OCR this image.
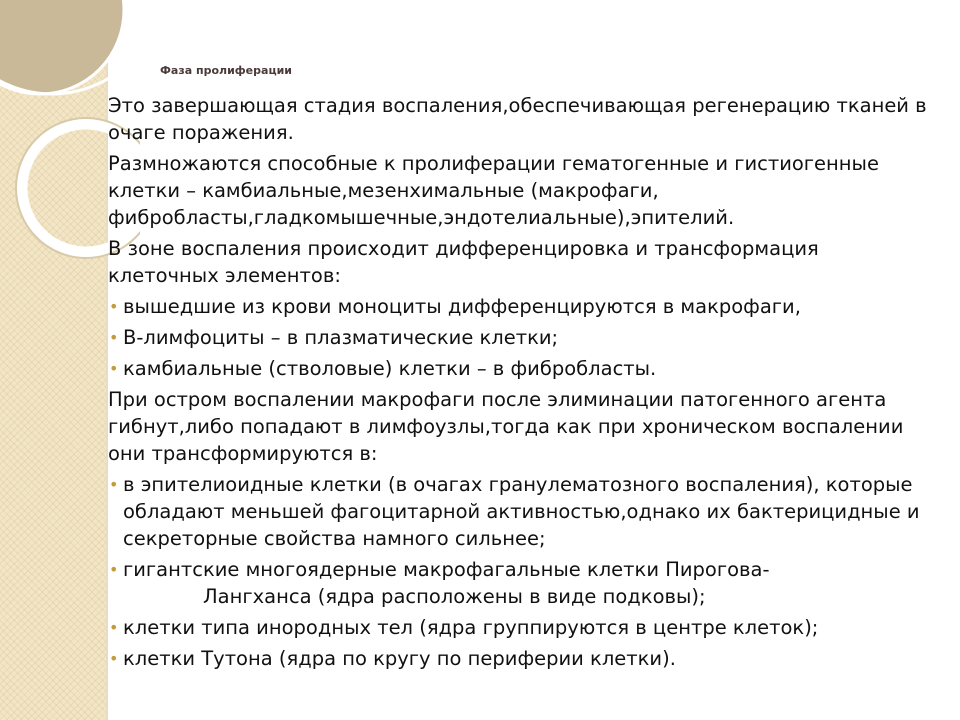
Фаза пролиферации

Это завершающая стадия воспаления,обеспечивающая регенерацию тканей в очаге поражения.

Размножаются способные к пролиферации гематогенные и гистиогенные клетки – камбиальные,мезенхимальные (макрофаги, фибробласты,гладкомышечные,эндотелиальные),эпителий.

В зоне воспаления происходит дифференцировка и трансформация клеточных элементов:

• вышедшие из крови моноциты дифференцируются в макрофаги,
• В-лимфоциты – в плазматические клетки;
• камбиальные (стволовые) клетки – в фибробласты.

При остром воспалении макрофаги после элиминации патогенного агента гибнут,либо попадают в лимфоузлы,тогда как при хроническом воспалении они трансформируются в:

• в эпителиоидные клетки (в очагах гранулематозного воспаления), которые обладают меньшей фагоцитарной активностью,однако их бактерицидные и секреторные свойства намного сильнее;
• гигантские многоядерные макрофагальные клетки Пирогова-
Лангханса (ядра расположены в виде подковы);
• клетки типа инородных тел (ядра группируются в центре клеток);
• клетки Тутона (ядра по кругу по периферии клетки).
